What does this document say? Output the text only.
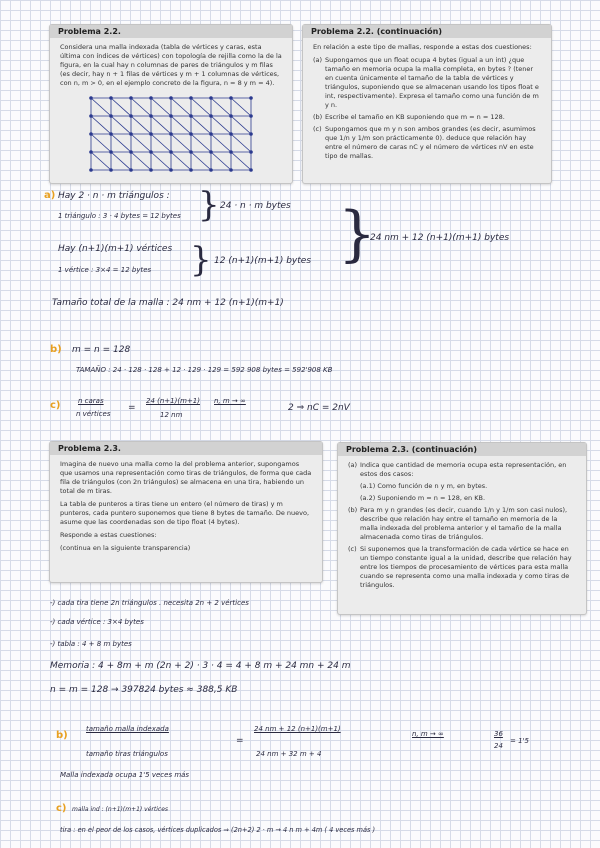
Problema 2.2.

Considera una malla indexada (tabla de vértices y caras, esta última con índices de vértices) con topología de rejilla como la de la figura, en la cual hay n columnas de pares de triángulos y m filas (es decir, hay n + 1 filas de vértices y m + 1 columnas de vértices, con n, m > 0, en el ejemplo concreto de la figura, n = 8 y m = 4).

Problema 2.2. (continuación)

En relación a este tipo de mallas, responde a estas dos cuestiones:

(a) Supongamos que un float ocupa 4 bytes (igual a un int) ¿que tamaño en memoria ocupa la malla completa, en bytes ? (tener en cuenta únicamente el tamaño de la tabla de vértices y triángulos, suponiendo que se almacenan usando los tipos float e int, respectivamente). Expresa el tamaño como una función de m y n.
(b) Escribe el tamaño en KB suponiendo que m = n = 128.
(c) Supongamos que m y n son ambos grandes (es decir, asumimos que 1/n y 1/m son prácticamente 0). deduce que relación hay entre el número de caras nC y el número de vértices nV en este tipo de mallas.
a) Hay 2 · n · m triángulos :
1 triángulo : 3 · 4 bytes = 12 bytes } 24 · n · m bytes
Hay (n+1)(m+1) vértices
1 vértice : 3×4 = 12 bytes } 12 (n+1)(m+1) bytes }
24 nm + 12 (n+1)(m+1) bytes
Tamaño total de la malla : 24 nm + 12 (n+1)(m+1)
b) m = n = 128
TAMAÑO : 24 · 128 · 128 + 12 · 129 · 129 = 592 908 bytes = 592'908 KB
c)	n caras
n vértices
=
24 (n+1)(m+1)
12 nm
n, m → ∞
2 ⇒ nC = 2nV
Problema 2.3.

Imagina de nuevo una malla como la del problema anterior, supongamos que usamos una representación como tiras de triángulos, de forma que cada fila de triángulos (con 2n triángulos) se almacena en una tira, habiendo un total de m tiras.

La tabla de punteros a tiras tiene un entero (el número de tiras) y m punteros, cada puntero suponemos que tiene 8 bytes de tamaño. De nuevo, asume que las coordenadas son de tipo float (4 bytes).

Responde a estas cuestiones:

(continua en la siguiente transparencia)

Problema 2.3. (continuación)
(a) Indica que cantidad de memoria ocupa esta representación, en estos dos casos:
(a.1) Como función de n y m, en bytes.
(a.2) Suponiendo m = n = 128, en KB.
(b) Para m y n grandes (es decir, cuando 1/n y 1/m son casi nulos), describe que relación hay entre el tamaño en memoria de la malla indexada del problema anterior y el tamaño de la malla almacenada como tiras de triángulos.
(c) Si suponemos que la transformación de cada vértice se hace en un tiempo constante igual a la unidad, describe que relación hay entre los tiempos de procesamiento de vértices para esta malla cuando se representa como una malla indexada y como tiras de triángulos.
-) cada tira tiene 2n triángulos . necesita 2n + 2 vértices
-) cada vértice : 3×4 bytes
-) tabla : 4 + 8 m bytes
Memoria : 4 + 8m + m (2n + 2) · 3 · 4 = 4 + 8 m + 24 mn + 24 m
n = m = 128 → 397824 bytes ≈ 388,5 KB
b)
tamaño malla indexada
tamaño tiras triángulos
=
24 nm + 12 (n+1)(m+1)
24 nm + 32 m + 4
n, m → ∞	36
24
= 1'5
Malla indexada ocupa 1'5 veces más
c) malla ind : (n+1)(m+1) vértices
tira : en el peor de los casos, vértices duplicados ⇒ (2n+2) 2 · m → 4 n m + 4m ( 4 veces más )
